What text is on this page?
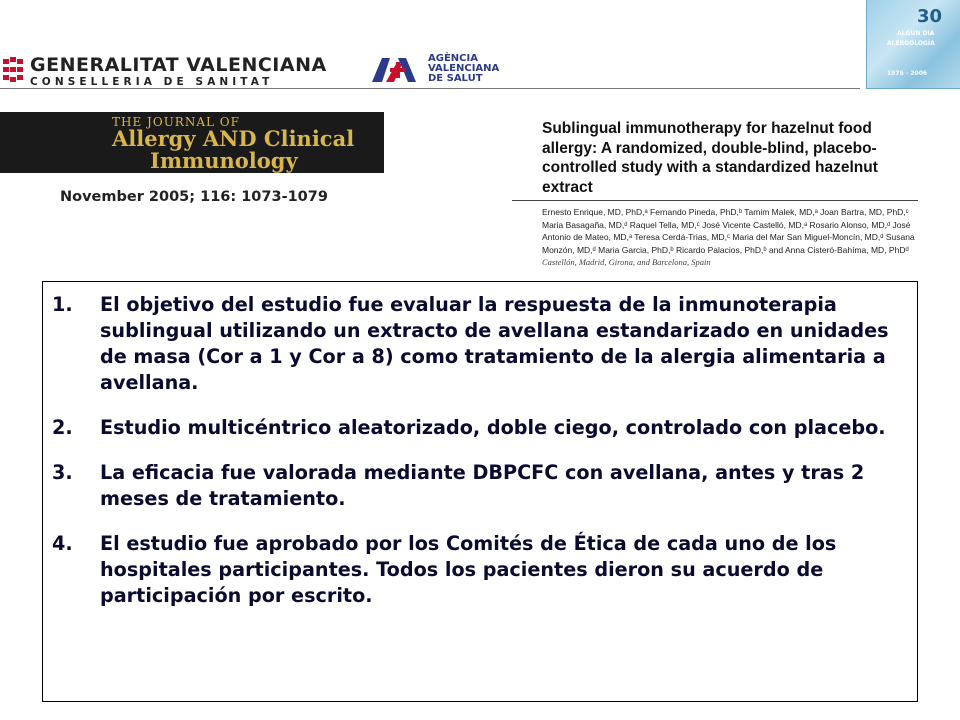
GENERALITAT VALENCIANA
CONSELLERIA DE SANITAT
AGÈNCIA
VALENCIANA
DE SALUT
30
ALGUN DIA
ALERGOLOGÍA
1976 - 2006
THE JOURNAL OF
Allergy AND Clinical
Immunology
November 2005; 116: 1073-1079
Sublingual immunotherapy for hazelnut food allergy: A randomized, double-blind, placebo-controlled study with a standardized hazelnut extract
Ernesto Enrique, MD, PhD,ᵃ Fernando Pineda, PhD,ᵇ Tamim Malek, MD,ᵃ Joan Bartra, MD, PhD,ᶜ Maria Basagaña, MD,ᵈ Raquel Tella, MD,ᶜ José Vicente Castelló, MD,ᵃ Rosario Alonso, MD,ᵈ José Antonio de Mateo, MD,ᵃ Teresa Cerdá-Trias, MD,ᶜ Maria del Mar San Miguel-Moncín, MD,ᵈ Susana Monzón, MD,ᵈ Maria Garcia, PhD,ᵇ Ricardo Palacios, PhD,ᵇ and Anna Cisteró-Bahíma, MD, PhDᵈ Castellón, Madrid, Girona, and Barcelona, Spain
1. El objetivo del estudio fue evaluar la respuesta de la inmunoterapia sublingual utilizando un extracto de avellana estandarizado en unidades de masa (Cor a 1 y Cor a 8) como tratamiento de la alergia alimentaria a avellana.
2. Estudio multicéntrico aleatorizado, doble ciego, controlado con placebo.
3. La eficacia fue valorada mediante DBPCFC con avellana, antes y tras 2 meses de tratamiento.
4. El estudio fue aprobado por los Comités de Ética de cada uno de los hospitales participantes. Todos los pacientes dieron su acuerdo de participación por escrito.
